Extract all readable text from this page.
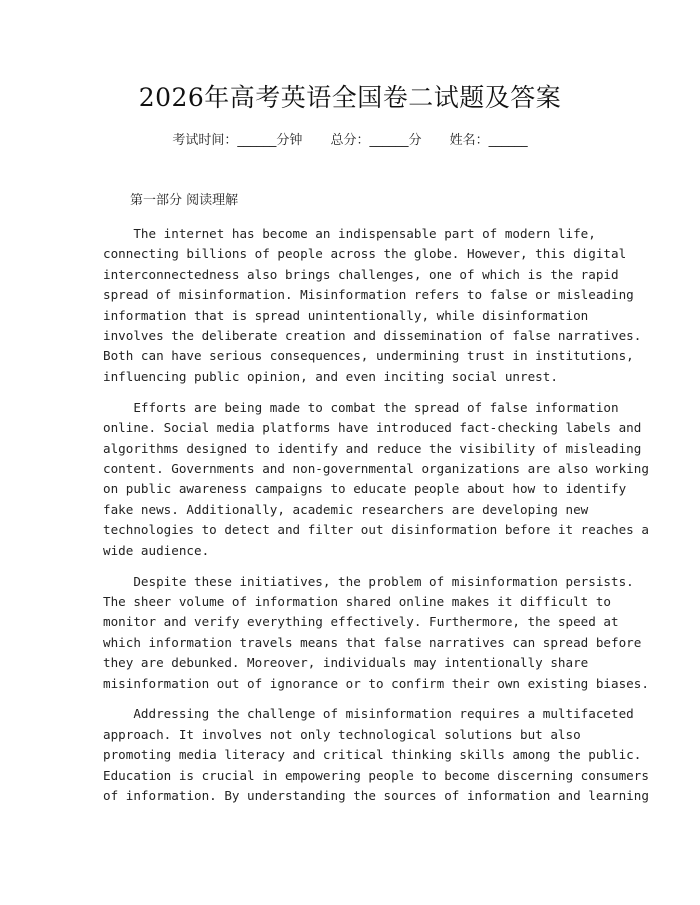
2026年高考英语全国卷二试题及答案
考试时间：______分钟 总分：______分 姓名：______
第一部分 阅读理解
The internet has become an indispensable part of modern life,
connecting billions of people across the globe. However, this digital
interconnectedness also brings challenges, one of which is the rapid
spread of misinformation. Misinformation refers to false or misleading
information that is spread unintentionally, while disinformation
involves the deliberate creation and dissemination of false narratives.
Both can have serious consequences, undermining trust in institutions,
influencing public opinion, and even inciting social unrest.
Efforts are being made to combat the spread of false information
online. Social media platforms have introduced fact-checking labels and
algorithms designed to identify and reduce the visibility of misleading
content. Governments and non-governmental organizations are also working
on public awareness campaigns to educate people about how to identify
fake news. Additionally, academic researchers are developing new
technologies to detect and filter out disinformation before it reaches a
wide audience.
Despite these initiatives, the problem of misinformation persists.
The sheer volume of information shared online makes it difficult to
monitor and verify everything effectively. Furthermore, the speed at
which information travels means that false narratives can spread before
they are debunked. Moreover, individuals may intentionally share
misinformation out of ignorance or to confirm their own existing biases.
Addressing the challenge of misinformation requires a multifaceted
approach. It involves not only technological solutions but also
promoting media literacy and critical thinking skills among the public.
Education is crucial in empowering people to become discerning consumers
of information. By understanding the sources of information and learning
